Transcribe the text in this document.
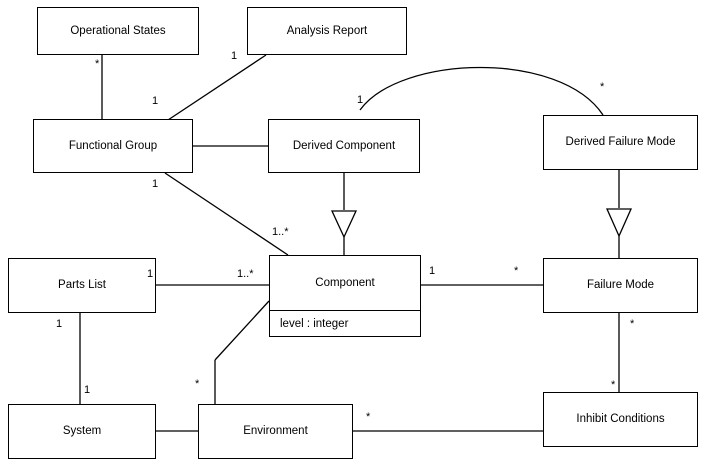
Operational States	Analysis Report
Functional Group	Derived Component	Derived Failure Mode
Parts List	Component
level : integer
Failure Mode
System	Environment
Inhibit Conditions
*
1
1
1
*
1
1..*
1	1..*	1	*
1	*
1	*	*
*
